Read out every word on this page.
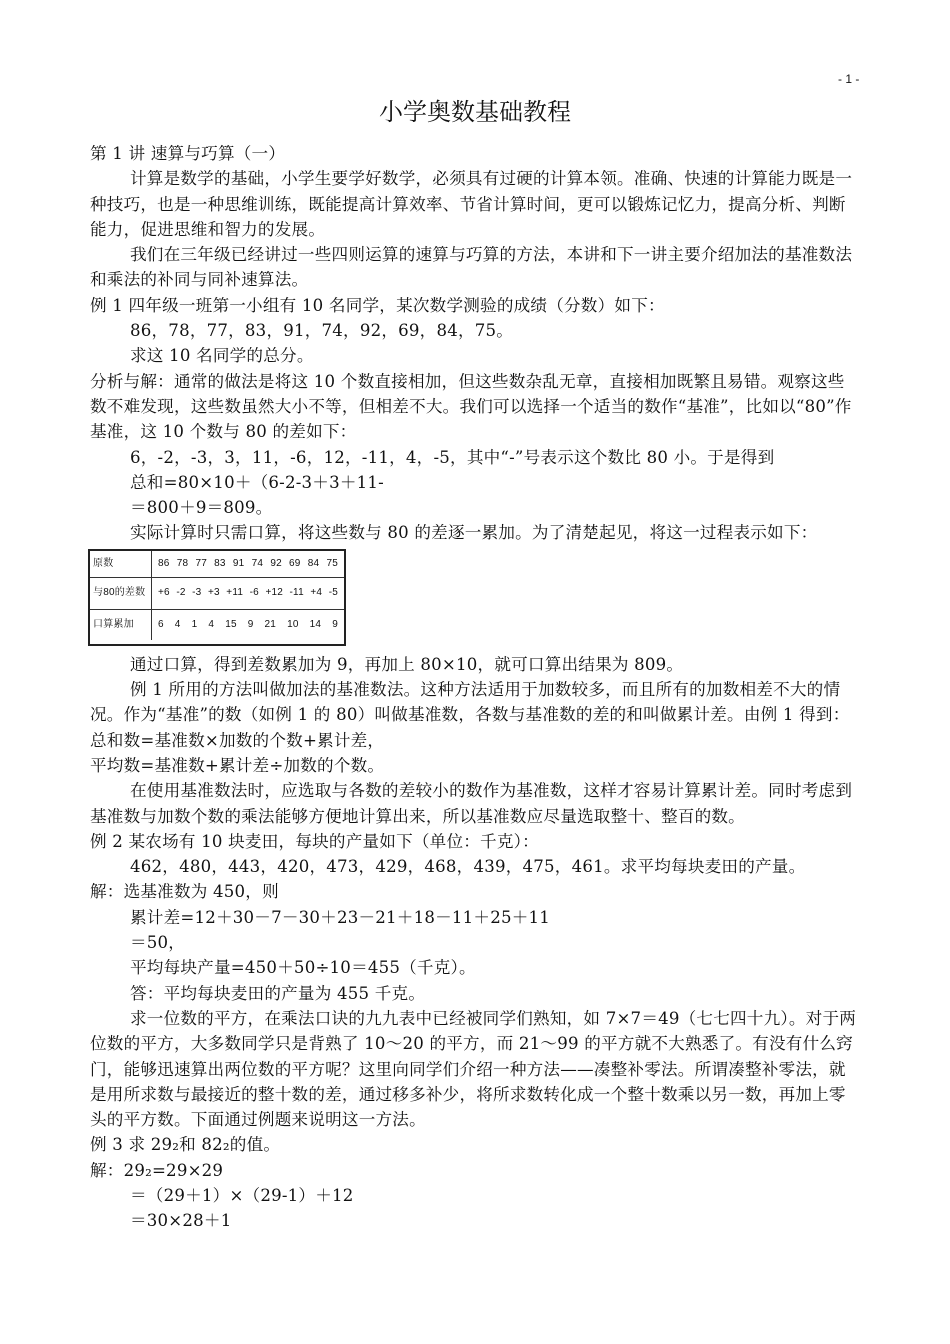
- 1 -
小学奥数基础教程

第 1 讲 速算与巧算（一）

计算是数学的基础，小学生要学好数学，必须具有过硬的计算本领。准确、快速的计算能力既是一种技巧，也是一种思维训练，既能提高计算效率、节省计算时间，更可以锻炼记忆力，提高分析、判断能力，促进思维和智力的发展。

我们在三年级已经讲过一些四则运算的速算与巧算的方法，本讲和下一讲主要介绍加法的基准数法和乘法的补同与同补速算法。

例 1 四年级一班第一小组有 10 名同学，某次数学测验的成绩（分数）如下：

86，78，77，83，91，74，92，69，84，75。

求这 10 名同学的总分。

分析与解：通常的做法是将这 10 个数直接相加，但这些数杂乱无章，直接相加既繁且易错。观察这些数不难发现，这些数虽然大小不等，但相差不大。我们可以选择一个适当的数作“基准”，比如以“80”作基准，这 10 个数与 80 的差如下：

6，-2，-3，3，11，-6，12，-11，4，-5，其中“-”号表示这个数比 80 小。于是得到

总和=80×10＋（6-2-3＋3＋11-

＝800＋9＝809。

实际计算时只需口算，将这些数与 80 的差逐一累加。为了清楚起见，将这一过程表示如下：

原数	86 78 77 83 91 74 92 69 84 75
与80的差数	+6 -2 -3 +3 +11 -6 +12 -11 +4 -5
口算累加	6 4 1 4 15 9 21 10 14 9

通过口算，得到差数累加为 9，再加上 80×10，就可口算出结果为 809。

例 1 所用的方法叫做加法的基准数法。这种方法适用于加数较多，而且所有的加数相差不大的情况。作为“基准”的数（如例 1 的 80）叫做基准数，各数与基准数的差的和叫做累计差。由例 1 得到：

总和数=基准数×加数的个数+累计差，

平均数=基准数+累计差÷加数的个数。

在使用基准数法时，应选取与各数的差较小的数作为基准数，这样才容易计算累计差。同时考虑到基准数与加数个数的乘法能够方便地计算出来，所以基准数应尽量选取整十、整百的数。

例 2 某农场有 10 块麦田，每块的产量如下（单位：千克）：

462，480，443，420，473，429，468，439，475，461。求平均每块麦田的产量。

解：选基准数为 450，则

累计差=12＋30－7－30＋23－21＋18－11＋25＋11

＝50，

平均每块产量=450＋50÷10＝455（千克）。

答：平均每块麦田的产量为 455 千克。

求一位数的平方，在乘法口诀的九九表中已经被同学们熟知，如 7×7＝49（七七四十九）。对于两位数的平方，大多数同学只是背熟了 10～20 的平方，而 21～99 的平方就不大熟悉了。有没有什么窍门，能够迅速算出两位数的平方呢？这里向同学们介绍一种方法——凑整补零法。所谓凑整补零法，就是用所求数与最接近的整十数的差，通过移多补少，将所求数转化成一个整十数乘以另一数，再加上零头的平方数。下面通过例题来说明这一方法。

例 3 求 29₂和 82₂的值。

解：29₂=29×29

＝（29＋1）×（29-1）＋12

＝30×28＋1
